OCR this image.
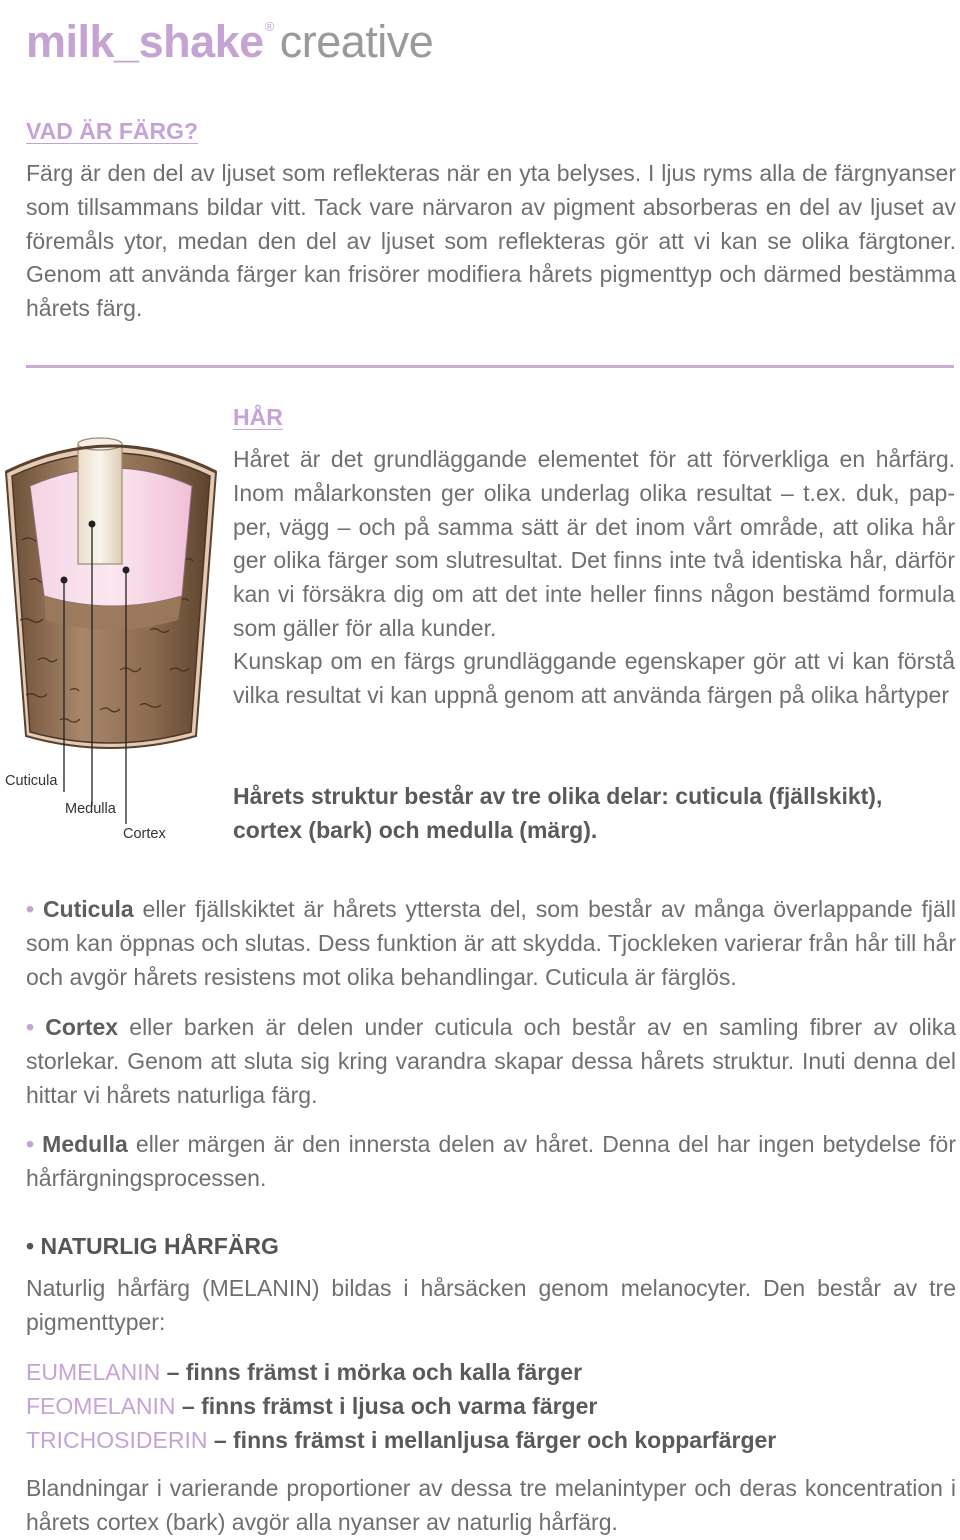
milk_shake® creative
VAD ÄR FÄRG?

Färg är den del av ljuset som reflekteras när en yta belyses. I ljus ryms alla de färgnyanser som tillsammans bildar vitt. Tack vare närvaron av pigment absorberas en del av ljuset av föremåls ytor, medan den del av ljuset som reflekteras gör att vi kan se olika färgtoner. Genom att använda färger kan frisörer modifiera hårets pigmenttyp och därmed bestämma hårets färg.

HÅR

Håret är det grundläggande elementet för att förverkliga en hårfärg. Inom målarkonsten ger olika underlag olika resultat – t.ex. duk, papper, vägg – och på samma sätt är det inom vårt område, att olika hår ger olika färger som slutresultat. Det finns inte två identiska hår, därför kan vi försäkra dig om att det inte heller finns någon bestämd formula som gäller för alla kunder.

Kunskap om en färgs grundläggande egenskaper gör att vi kan förstå vilka resultat vi kan uppnå genom att använda färgen på olika hårtyper

Hårets struktur består av tre olika delar: cuticula (fjällskikt), cortex (bark) och medulla (märg).

Cuticula
Medulla
Cortex

• Cuticula eller fjällskiktet är hårets yttersta del, som består av många överlappande fjäll som kan öppnas och slutas. Dess funktion är att skydda. Tjockleken varierar från hår till hår och avgör hårets resistens mot olika behandlingar. Cuticula är färglös.

• Cortex eller barken är delen under cuticula och består av en samling fibrer av olika storlekar. Genom att sluta sig kring varandra skapar dessa hårets struktur. Inuti denna del hittar vi hårets naturliga färg.

• Medulla eller märgen är den innersta delen av håret. Denna del har ingen betydelse för hårfärgningsprocessen.

• NATURLIG HÅRFÄRG

Naturlig hårfärg (MELANIN) bildas i hårsäcken genom melanocyter. Den består av tre pigmenttyper:

EUMELANIN – finns främst i mörka och kalla färger
FEOMELANIN – finns främst i ljusa och varma färger
TRICHOSIDERIN – finns främst i mellanljusa färger och kopparfärger

Blandningar i varierande proportioner av dessa tre melanintyper och deras koncentration i hårets cortex (bark) avgör alla nyanser av naturlig hårfärg.
